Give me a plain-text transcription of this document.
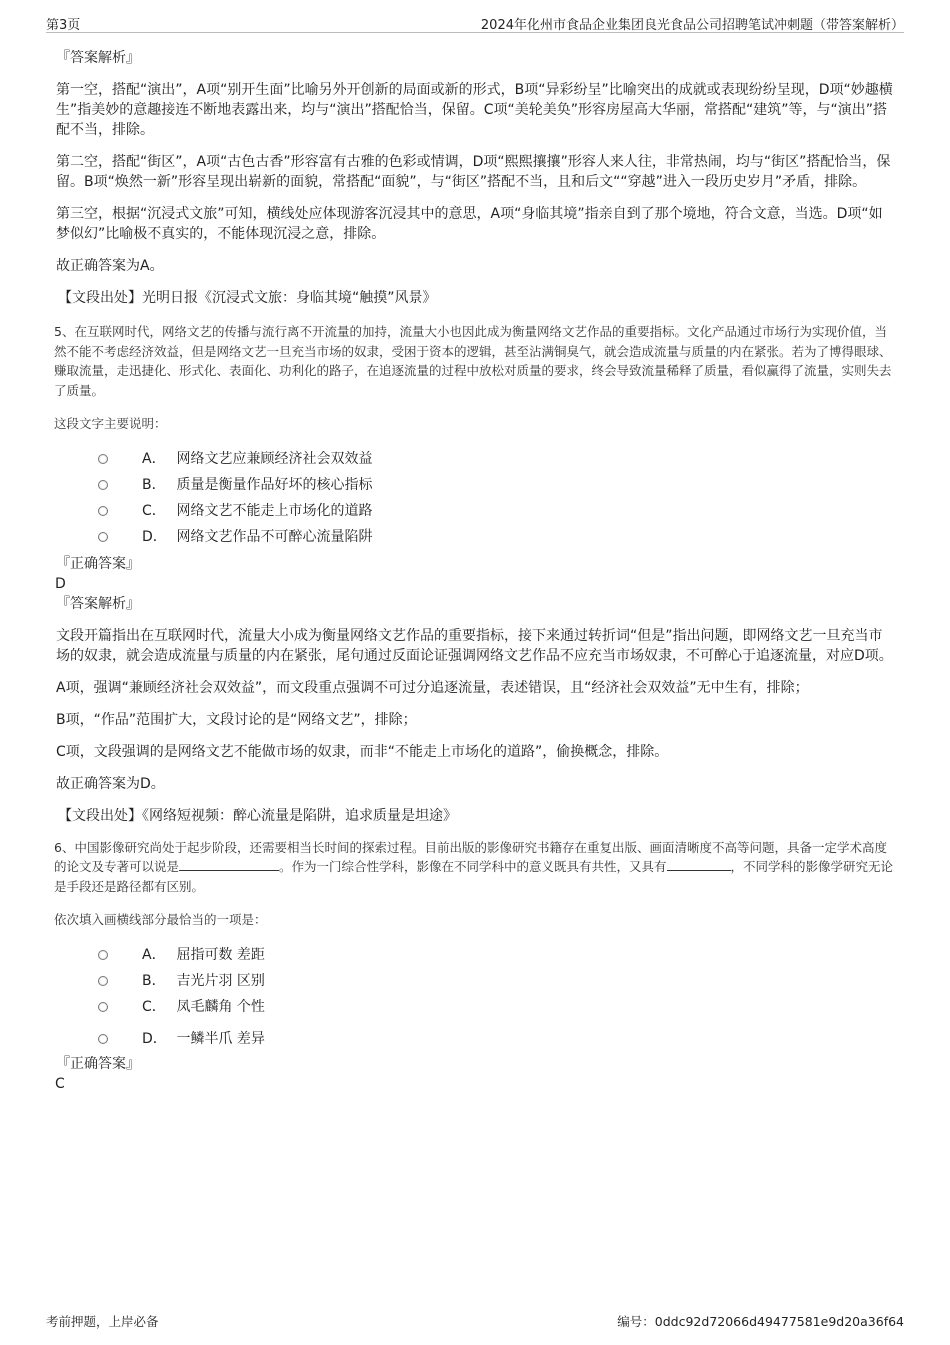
第3页	2024年化州市食品企业集团良光食品公司招聘笔试冲刺题（带答案解析）
『答案解析』

第一空，搭配“演出”，A项“别开生面”比喻另外开创新的局面或新的形式，B项“异彩纷呈”比喻突出的成就或表现纷纷呈现，D项“妙趣横生”指美妙的意趣接连不断地表露出来，均与“演出”搭配恰当，保留。C项“美轮美奂”形容房屋高大华丽，常搭配“建筑”等，与“演出”搭配不当，排除。

第二空，搭配“街区”，A项“古色古香”形容富有古雅的色彩或情调，D项“熙熙攘攘”形容人来人往，非常热闹，均与“街区”搭配恰当，保留。B项“焕然一新”形容呈现出崭新的面貌，常搭配“面貌”，与“街区”搭配不当，且和后文““穿越”进入一段历史岁月”矛盾，排除。

第三空，根据“沉浸式文旅”可知，横线处应体现游客沉浸其中的意思，A项“身临其境”指亲自到了那个境地，符合文意，当选。D项“如梦似幻”比喻极不真实的，不能体现沉浸之意，排除。

故正确答案为A。

【文段出处】光明日报《沉浸式文旅：身临其境“触摸”风景》

5、在互联网时代，网络文艺的传播与流行离不开流量的加持，流量大小也因此成为衡量网络文艺作品的重要指标。文化产品通过市场行为实现价值，当然不能不考虑经济效益，但是网络文艺一旦充当市场的奴隶，受困于资本的逻辑，甚至沾满铜臭气，就会造成流量与质量的内在紧张。若为了博得眼球、赚取流量，走迅捷化、形式化、表面化、功利化的路子，在追逐流量的过程中放松对质量的要求，终会导致流量稀释了质量，看似赢得了流量，实则失去了质量。

这段文字主要说明：

A． 网络文艺应兼顾经济社会双效益
B． 质量是衡量作品好坏的核心指标
C． 网络文艺不能走上市场化的道路
D． 网络文艺作品不可醉心流量陷阱
『正确答案』
D
『答案解析』

文段开篇指出在互联网时代，流量大小成为衡量网络文艺作品的重要指标，接下来通过转折词“但是”指出问题，即网络文艺一旦充当市场的奴隶，就会造成流量与质量的内在紧张，尾句通过反面论证强调网络文艺作品不应充当市场奴隶，不可醉心于追逐流量，对应D项。

A项，强调“兼顾经济社会双效益”，而文段重点强调不可过分追逐流量，表述错误，且“经济社会双效益”无中生有，排除；

B项，“作品”范围扩大，文段讨论的是“网络文艺”，排除；

C项，文段强调的是网络文艺不能做市场的奴隶，而非“不能走上市场化的道路”，偷换概念，排除。

故正确答案为D。

【文段出处】《网络短视频：醉心流量是陷阱，追求质量是坦途》

6、中国影像研究尚处于起步阶段，还需要相当长时间的探索过程。目前出版的影像研究书籍存在重复出版、画面清晰度不高等问题，具备一定学术高度的论文及专著可以说是	。作为一门综合性学科，影像在不同学科中的意义既具有共性，又具有	，不同学科的影像学研究无论是手段还是路径都有区别。

依次填入画横线部分最恰当的一项是：

A． 屈指可数 差距
B． 吉光片羽 区别
C． 凤毛麟角 个性
D． 一鳞半爪 差异
『正确答案』
C
考前押题，上岸必备	编号：0ddc92d72066d49477581e9d20a36f64
